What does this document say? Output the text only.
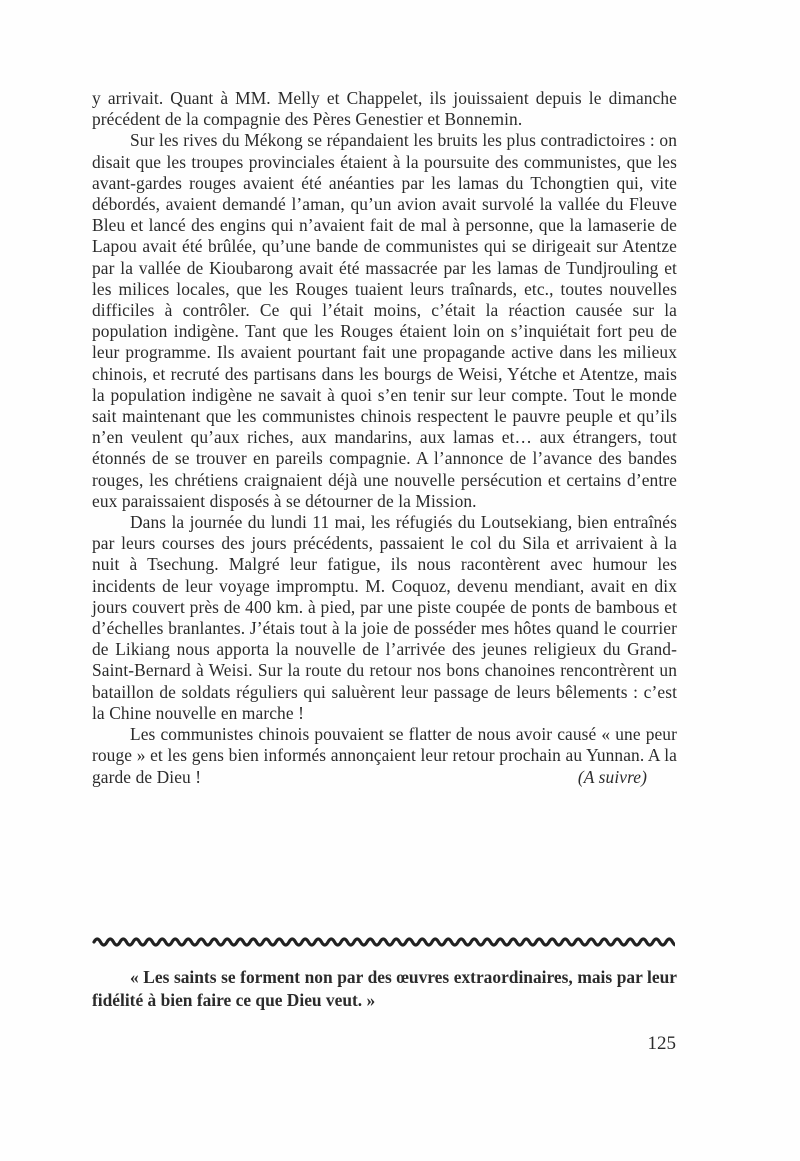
y arrivait. Quant à MM. Melly et Chappelet, ils jouissaient depuis le dimanche précédent de la compagnie des Pères Genestier et Bonnemin.

Sur les rives du Mékong se répandaient les bruits les plus contradictoires : on disait que les troupes provinciales étaient à la poursuite des communistes, que les avant-gardes rouges avaient été anéanties par les lamas du Tchongtien qui, vite débordés, avaient demandé l’aman, qu’un avion avait survolé la vallée du Fleuve Bleu et lancé des engins qui n’avaient fait de mal à personne, que la lamaserie de Lapou avait été brûlée, qu’une bande de communistes qui se dirigeait sur Atentze par la vallée de Kioubarong avait été massacrée par les lamas de Tundjrouling et les milices locales, que les Rouges tuaient leurs traînards, etc., toutes nouvelles difficiles à contrôler. Ce qui l’était moins, c’était la réaction causée sur la population indigène. Tant que les Rouges étaient loin on s’inquiétait fort peu de leur programme. Ils avaient pourtant fait une propagande active dans les milieux chinois, et recruté des partisans dans les bourgs de Weisi, Yétche et Atentze, mais la population indigène ne savait à quoi s’en tenir sur leur compte. Tout le monde sait maintenant que les communistes chinois respectent le pauvre peuple et qu’ils n’en veulent qu’aux riches, aux mandarins, aux lamas et… aux étrangers, tout étonnés de se trouver en pareils compagnie. A l’annonce de l’avance des bandes rouges, les chrétiens craignaient déjà une nouvelle persécution et certains d’entre eux paraissaient disposés à se détourner de la Mission.

Dans la journée du lundi 11 mai, les réfugiés du Loutsekiang, bien entraînés par leurs courses des jours précédents, passaient le col du Sila et arrivaient à la nuit à Tsechung. Malgré leur fatigue, ils nous racontèrent avec humour les incidents de leur voyage impromptu. M. Coquoz, devenu mendiant, avait en dix jours couvert près de 400 km. à pied, par une piste coupée de ponts de bambous et d’échelles branlantes. J’étais tout à la joie de posséder mes hôtes quand le courrier de Likiang nous apporta la nouvelle de l’arrivée des jeunes religieux du Grand-Saint-Bernard à Weisi. Sur la route du retour nos bons chanoines rencontrèrent un bataillon de soldats réguliers qui saluèrent leur passage de leurs bêlements : c’est la Chine nouvelle en marche !

Les communistes chinois pouvaient se flatter de nous avoir causé « une peur rouge » et les gens bien informés annonçaient leur retour prochain au Yunnan. A la garde de Dieu !	(A suivre)

« Les saints se forment non par des œuvres extraordinaires, mais par leur fidélité à bien faire ce que Dieu veut. »

125
